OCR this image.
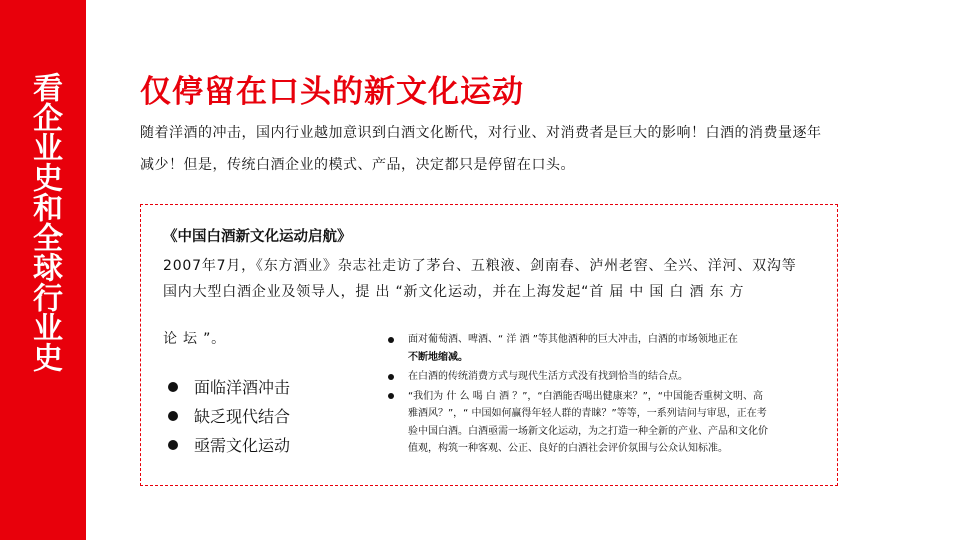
看企业史和全球行业史	仅停留在口头的新文化运动
随着洋酒的冲击，国内行业越加意识到白酒文化断代，对行业、对消费者是巨大的影响！白酒的消费量逐年减少！但是，传统白酒企业的模式、产品，决定都只是停留在口头。
《中国白酒新文化运动启航》
2007年7月，《东方酒业》杂志社走访了茅台、五粮液、剑南春、泸州老窖、全兴、洋河、双沟等国内大型白酒企业及领导人，提 出 “新文化运动，并在上海发起“首 届 中 国 白 酒 东 方
论 坛 ”。
面临洋酒冲击
缺乏现代结合
亟需文化运动
面对葡萄酒、啤酒、“ 洋 酒 ”等其他酒种的巨大冲击，白酒的市场领地正在
不断地缩减。
在白酒的传统消费方式与现代生活方式没有找到恰当的结合点。
“我们为 什 么 喝 白 酒 ？”，“白酒能否喝出健康来？”，“中国能否重树文明、高雅酒风？”，“ 中国如何赢得年轻人群的青睐？”等等，一系列诘问与审思，正在考验中国白酒。白酒亟需一场新文化运动，为之打造一种全新的产业、产品和文化价值观，构筑一种客观、公正、良好的白酒社会评价氛围与公众认知标准。
